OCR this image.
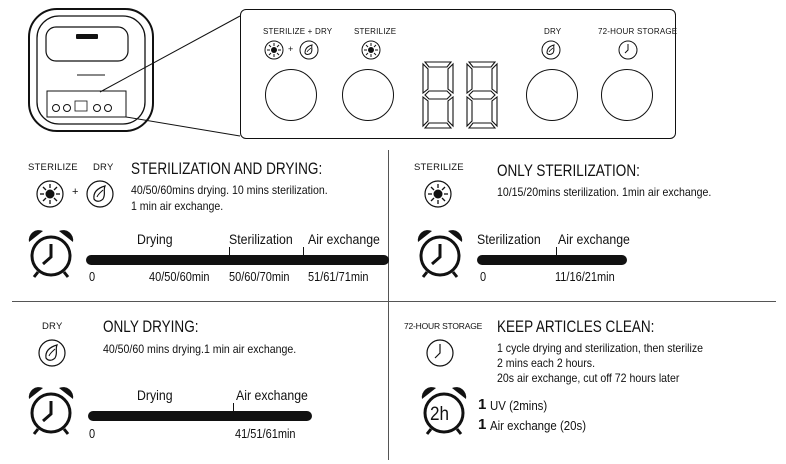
LOGO	STERILIZE + DRY	STERILIZE	DRY	72-HOUR STORAGE
+
STERILIZE DRY
+
STERILIZATION AND DRYING:
40/50/60mins drying. 10 mins sterilization.
1 min air exchange.
Drying	Sterilization Air exchange
0	40/50/60min 50/60/70min 51/61/71min
STERILIZE ONLY STERILIZATION:
10/15/20mins sterilization. 1min air exchange.
Sterilization Air exchange
0	11/16/21min
DRY ONLY DRYING:
40/50/60 mins drying.1 min air exchange.
Drying	Air exchange
0	41/51/61min
72-HOUR STORAGE KEEP ARTICLES CLEAN:
1 cycle drying and sterilization, then sterilize
2 mins each 2 hours.
20s air exchange, cut off 72 hours later
2h 1 UV (2mins)
1 Air exchange (20s)
